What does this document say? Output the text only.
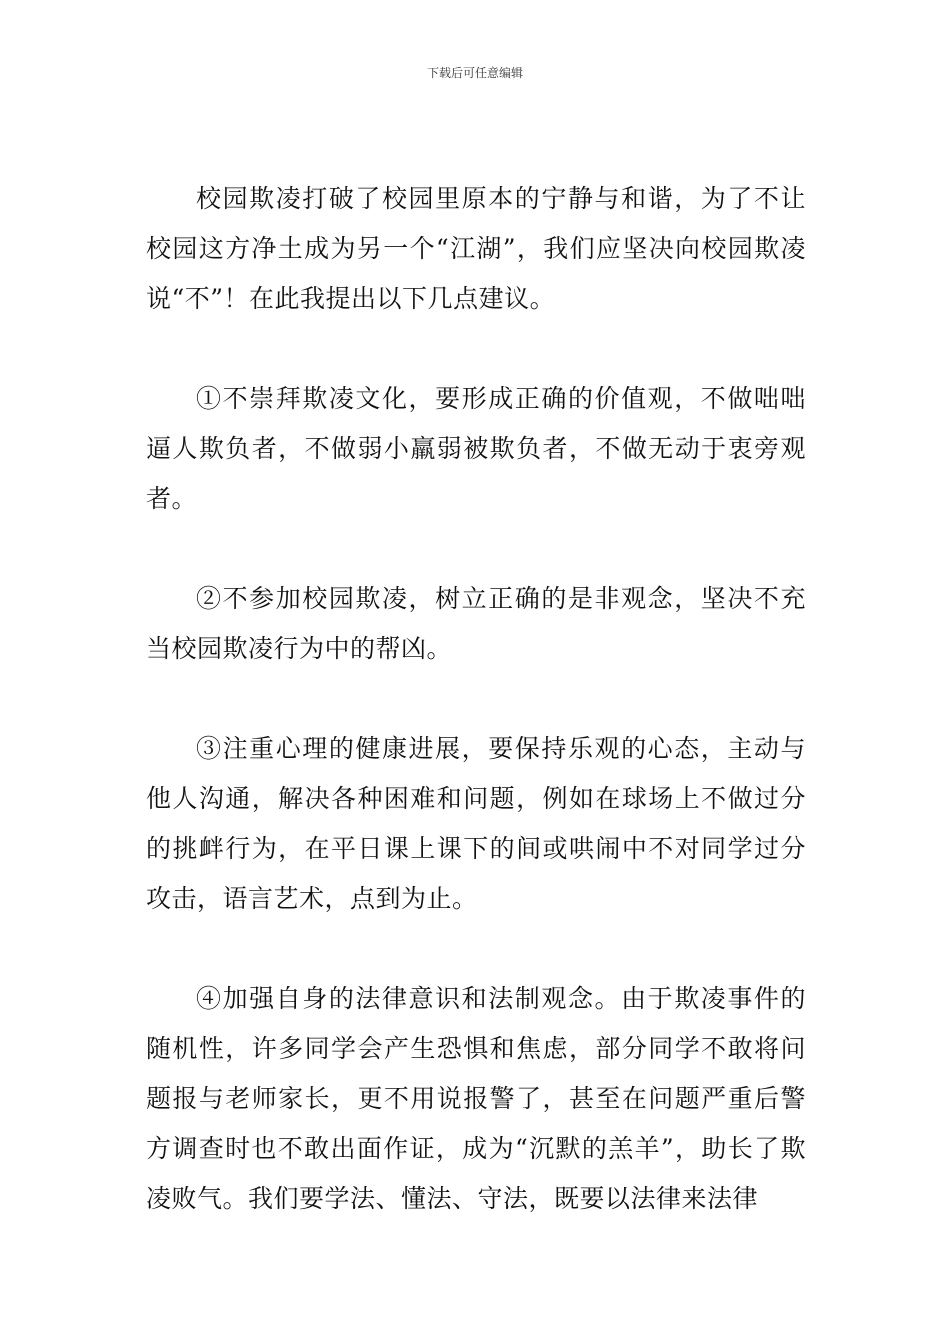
下载后可任意编辑

校园欺凌打破了校园里原本的宁静与和谐，为了不让校园这方净土成为另一个“江湖”，我们应坚决向校园欺凌说“不”！在此我提出以下几点建议。

①不崇拜欺凌文化，要形成正确的价值观，不做咄咄逼人欺负者，不做弱小羸弱被欺负者，不做无动于衷旁观者。

②不参加校园欺凌，树立正确的是非观念，坚决不充当校园欺凌行为中的帮凶。

③注重心理的健康进展，要保持乐观的心态，主动与他人沟通，解决各种困难和问题，例如在球场上不做过分的挑衅行为，在平日课上课下的间或哄闹中不对同学过分攻击，语言艺术，点到为止。

④加强自身的法律意识和法制观念。由于欺凌事件的随机性，许多同学会产生恐惧和焦虑，部分同学不敢将问题报与老师家长，更不用说报警了，甚至在问题严重后警方调查时也不敢出面作证，成为“沉默的羔羊”，助长了欺凌败气。我们要学法、懂法、守法，既要以法律来法律
